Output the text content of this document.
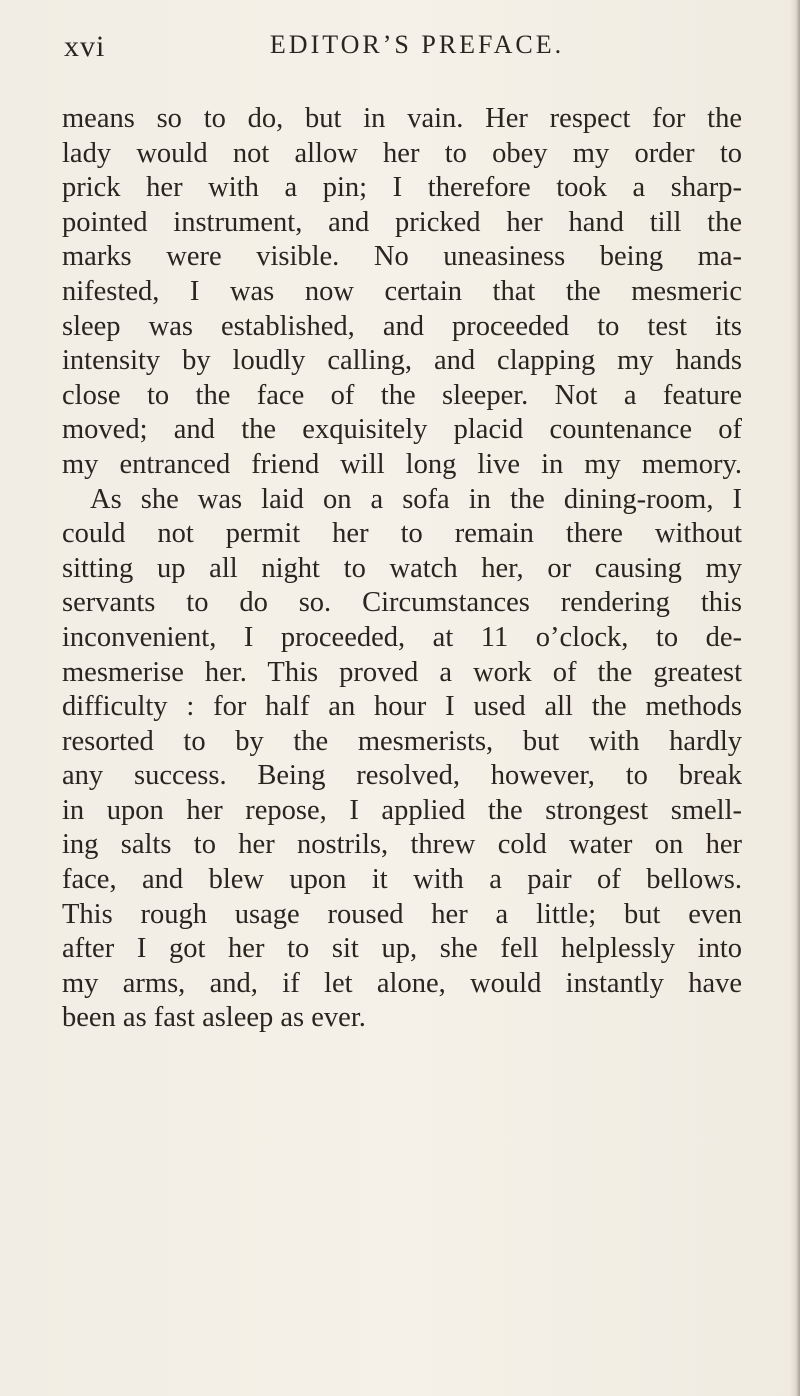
xvi	EDITOR’S PREFACE.
means so to do, but in vain. Her respect for the
lady would not allow her to obey my order to
prick her with a pin; I therefore took a sharp-
pointed instrument, and pricked her hand till the
marks were visible. No uneasiness being ma-
nifested, I was now certain that the mesmeric
sleep was established, and proceeded to test its
intensity by loudly calling, and clapping my hands
close to the face of the sleeper. Not a feature
moved; and the exquisitely placid countenance of
my entranced friend will long live in my memory.
As she was laid on a sofa in the dining-room, I
could not permit her to remain there without
sitting up all night to watch her, or causing my
servants to do so. Circumstances rendering this
inconvenient, I proceeded, at 11 o’clock, to de-
mesmerise her. This proved a work of the greatest
difficulty : for half an hour I used all the methods
resorted to by the mesmerists, but with hardly
any success. Being resolved, however, to break
in upon her repose, I applied the strongest smell-
ing salts to her nostrils, threw cold water on her
face, and blew upon it with a pair of bellows.
This rough usage roused her a little; but even
after I got her to sit up, she fell helplessly into
my arms, and, if let alone, would instantly have
been as fast asleep as ever.
